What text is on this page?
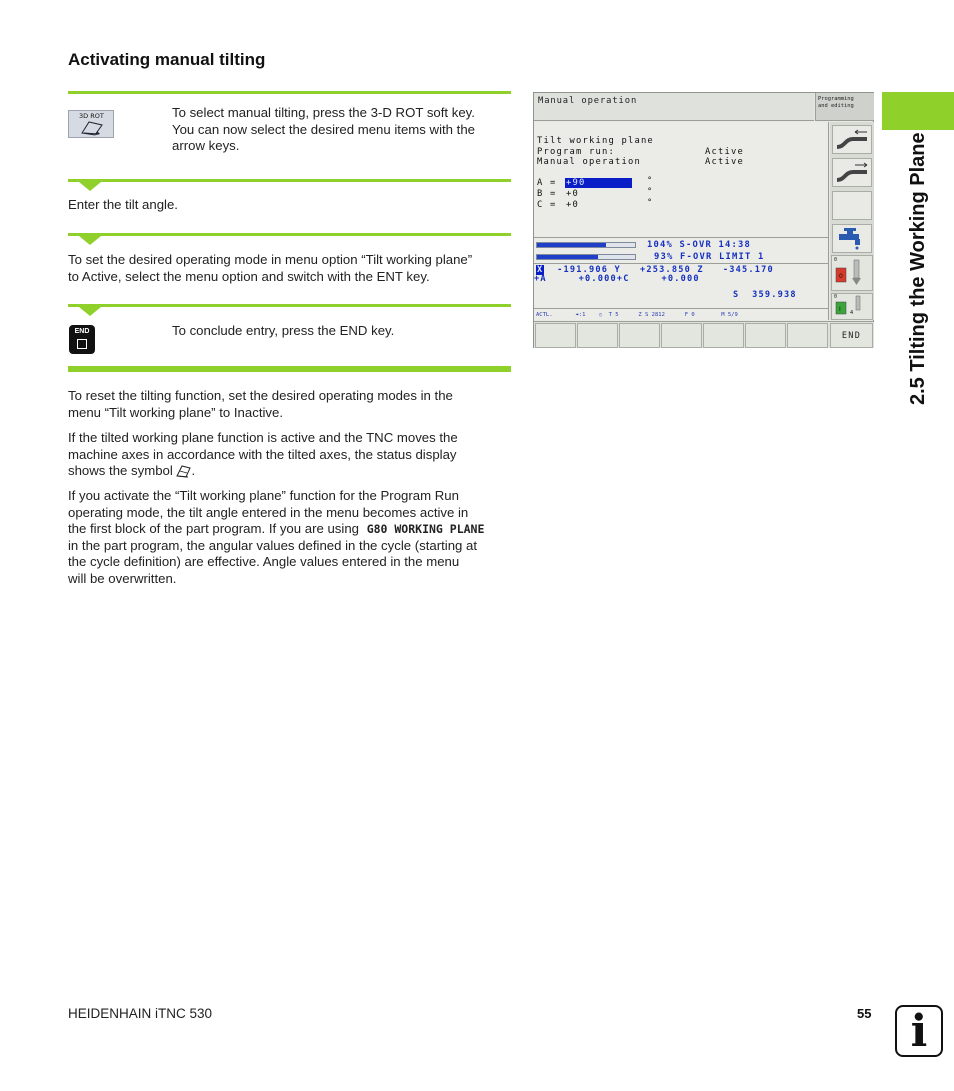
Activating manual tilting
3D ROT	To select manual tilting, press the 3-D ROT soft key.
You can now select the desired menu items with the
arrow keys.
Enter the tilt angle.
To set the desired operating mode in menu option “Tilt working plane”
to Active, select the menu option and switch with the ENT key.
END	To conclude entry, press the END key.
To reset the tilting function, set the desired operating modes in the
menu “Tilt working plane” to Inactive.
If the tilted working plane function is active and the TNC moves the
machine axes in accordance with the tilted axes, the status display
shows the symbol .
If you activate the “Tilt working plane” function for the Program Run
operating mode, the tilt angle entered in the menu becomes active in
the first block of the part program. If you are using G80 WORKING PLANE
in the part program, the angular values defined in the cycle (starting at
the cycle definition) are effective. Angle values entered in the menu
will be overwritten.
Manual operation	Programming
and editing
Tilt working plane
Program run:	Active
Manual operation	Active
A = +90	°
B = +0	°
C = +0	°
104% S-OVR 14:38
93% F-OVR LIMIT 1
X  -191.906 Y   +253.850 Z   -345.170
+A     +0.000+C     +0.000
S  359.938
ACTL.       ⌖:1    ▯  T 5      Z S 2812      F 0        M 5/9
0
0
0
I 4
END	2.5 Tilting the Working Plane
HEIDENHAIN iTNC 530	55 i
